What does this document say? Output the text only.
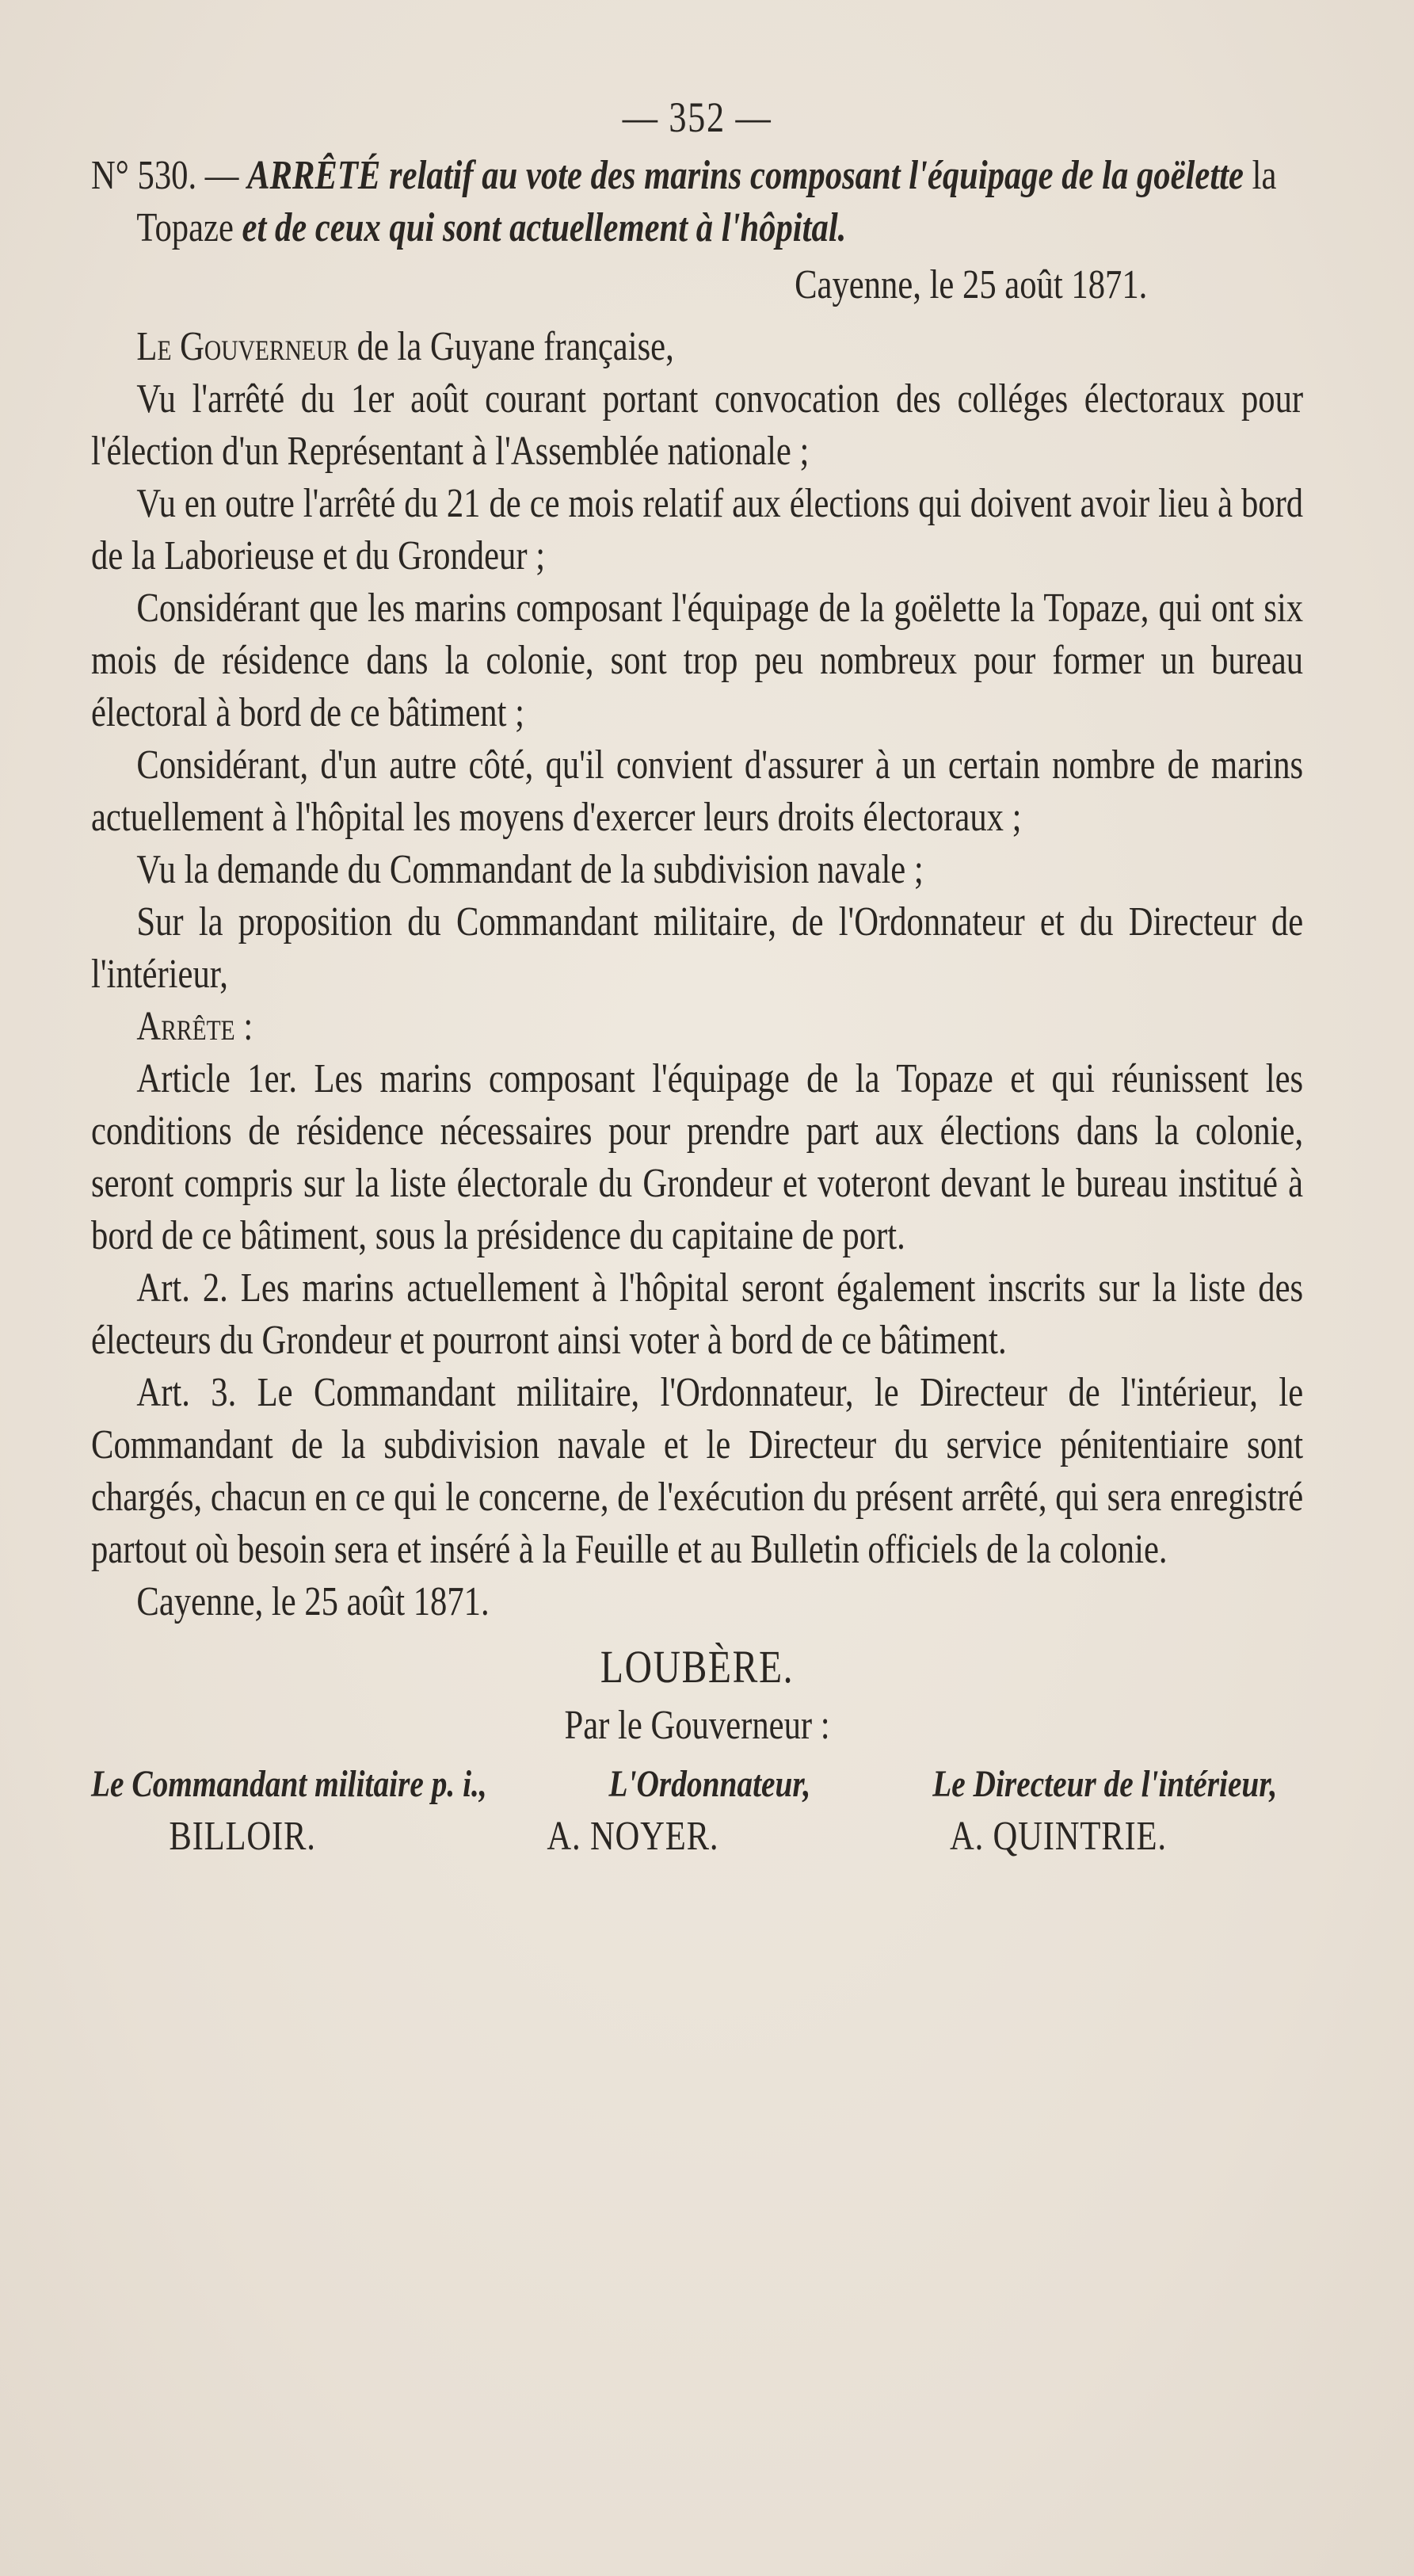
— 352 —
N° 530. — ARRÊTÉ relatif au vote des marins composant l'équipage de la goëlette la Topaze et de ceux qui sont actuellement à l'hôpital.
Cayenne, le 25 août 1871.

Le Gouverneur de la Guyane française,

Vu l'arrêté du 1er août courant portant convocation des colléges électoraux pour l'élection d'un Représentant à l'Assemblée nationale ;

Vu en outre l'arrêté du 21 de ce mois relatif aux élections qui doivent avoir lieu à bord de la Laborieuse et du Grondeur ;

Considérant que les marins composant l'équipage de la goëlette la Topaze, qui ont six mois de résidence dans la colonie, sont trop peu nombreux pour former un bureau électoral à bord de ce bâtiment ;

Considérant, d'un autre côté, qu'il convient d'assurer à un certain nombre de marins actuellement à l'hôpital les moyens d'exercer leurs droits électoraux ;

Vu la demande du Commandant de la subdivision navale ;

Sur la proposition du Commandant militaire, de l'Ordonnateur et du Directeur de l'intérieur,

Arrête :

Article 1er. Les marins composant l'équipage de la Topaze et qui réunissent les conditions de résidence nécessaires pour prendre part aux élections dans la colonie, seront compris sur la liste électorale du Grondeur et voteront devant le bureau institué à bord de ce bâtiment, sous la présidence du capitaine de port.

Art. 2. Les marins actuellement à l'hôpital seront également inscrits sur la liste des électeurs du Grondeur et pourront ainsi voter à bord de ce bâtiment.

Art. 3. Le Commandant militaire, l'Ordonnateur, le Directeur de l'intérieur, le Commandant de la subdivision navale et le Directeur du service pénitentiaire sont chargés, chacun en ce qui le concerne, de l'exécution du présent arrêté, qui sera enregistré partout où besoin sera et inséré à la Feuille et au Bulletin officiels de la colonie.

Cayenne, le 25 août 1871.

LOUBÈRE.
Par le Gouverneur :
Le Commandant militaire p. i.,	L'Ordonnateur,	Le Directeur de l'intérieur,
BILLOIR.	A. NOYER.	A. QUINTRIE.
